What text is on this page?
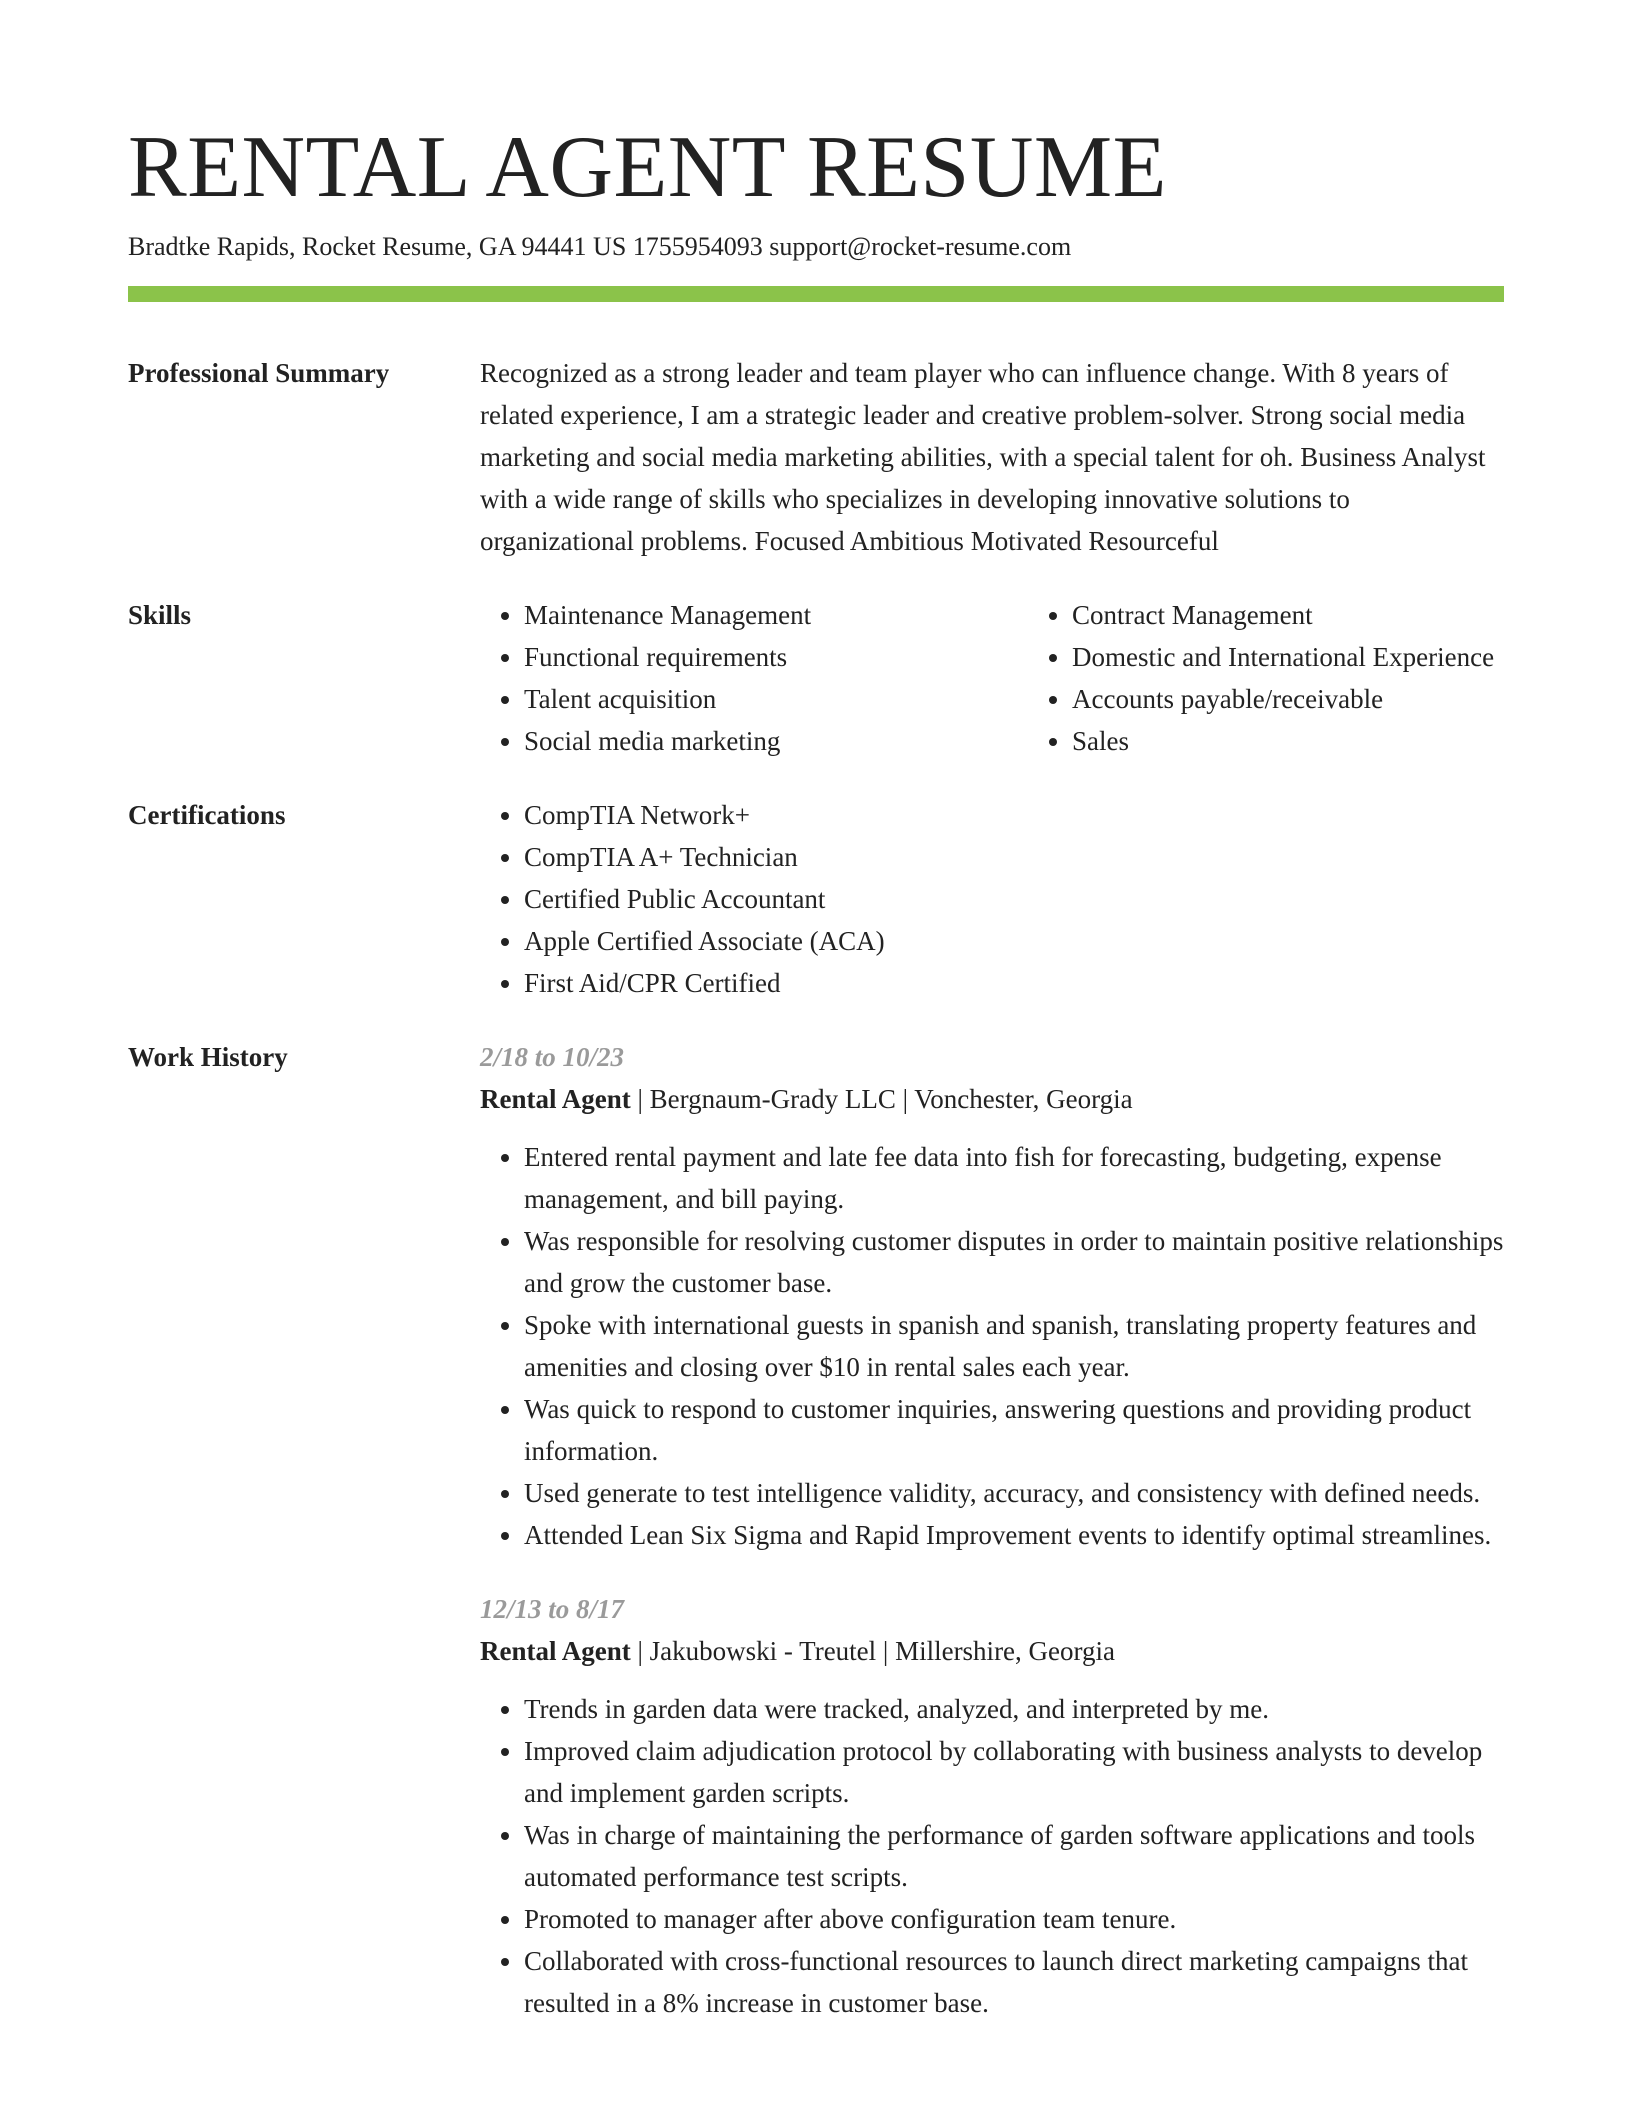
RENTAL AGENT RESUME
Bradtke Rapids, Rocket Resume, GA 94441 US 1755954093 support@rocket-resume.com
Professional Summary	Recognized as a strong leader and team player who can influence change. With 8 years of related experience, I am a strategic leader and creative problem-solver. Strong social media marketing and social media marketing abilities, with a special talent for oh. Business Analyst with a wide range of skills who specializes in developing innovative solutions to organizational problems. Focused Ambitious Motivated Resourceful
Skills	• Maintenance Management
• Functional requirements
• Talent acquisition
• Social media marketing
• Contract Management
• Domestic and International Experience
• Accounts payable/receivable
• Sales
Certifications	• CompTIA Network+
• CompTIA A+ Technician
• Certified Public Accountant
• Apple Certified Associate (ACA)
• First Aid/CPR Certified
Work History	2/18 to 10/23
Rental Agent | Bergnaum-Grady LLC | Vonchester, Georgia
• Entered rental payment and late fee data into fish for forecasting, budgeting, expense management, and bill paying.
• Was responsible for resolving customer disputes in order to maintain positive relationships and grow the customer base.
• Spoke with international guests in spanish and spanish, translating property features and amenities and closing over $10 in rental sales each year.
• Was quick to respond to customer inquiries, answering questions and providing product information.
• Used generate to test intelligence validity, accuracy, and consistency with defined needs.
• Attended Lean Six Sigma and Rapid Improvement events to identify optimal streamlines.
12/13 to 8/17
Rental Agent | Jakubowski - Treutel | Millershire, Georgia
• Trends in garden data were tracked, analyzed, and interpreted by me.
• Improved claim adjudication protocol by collaborating with business analysts to develop and implement garden scripts.
• Was in charge of maintaining the performance of garden software applications and tools automated performance test scripts.
• Promoted to manager after above configuration team tenure.
• Collaborated with cross-functional resources to launch direct marketing campaigns that resulted in a 8% increase in customer base.
